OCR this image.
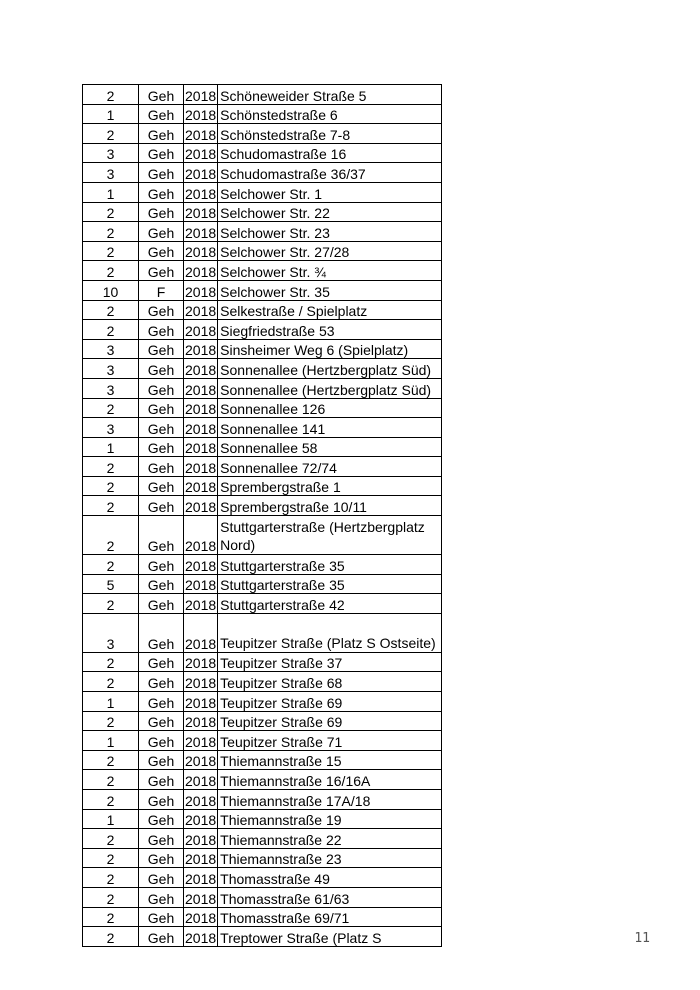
2	Geh	2018	Schöneweider Straße 5
1	Geh	2018	Schönstedstraße 6
2	Geh	2018	Schönstedstraße 7-8
3	Geh	2018	Schudomastraße 16
3	Geh	2018	Schudomastraße 36/37
1	Geh	2018	Selchower Str. 1
2	Geh	2018	Selchower Str. 22
2	Geh	2018	Selchower Str. 23
2	Geh	2018	Selchower Str. 27/28
2	Geh	2018	Selchower Str. ¾
10	F	2018	Selchower Str. 35
2	Geh	2018	Selkestraße / Spielplatz
2	Geh	2018	Siegfriedstraße 53
3	Geh	2018	Sinsheimer Weg 6 (Spielplatz)
3	Geh	2018	Sonnenallee (Hertzbergplatz Süd)
3	Geh	2018	Sonnenallee (Hertzbergplatz Süd)
2	Geh	2018	Sonnenallee 126
3	Geh	2018	Sonnenallee 141
1	Geh	2018	Sonnenallee 58
2	Geh	2018	Sonnenallee 72/74
2	Geh	2018	Sprembergstraße 1
2	Geh	2018	Sprembergstraße 10/11
2	Geh	2018	Stuttgarterstraße (Hertzbergplatz Nord)
2	Geh	2018	Stuttgarterstraße 35
5	Geh	2018	Stuttgarterstraße 35
2	Geh	2018	Stuttgarterstraße 42
3	Geh	2018	Teupitzer Straße (Platz S Ostseite)
2	Geh	2018	Teupitzer Straße 37
2	Geh	2018	Teupitzer Straße 68
1	Geh	2018	Teupitzer Straße 69
2	Geh	2018	Teupitzer Straße 69
1	Geh	2018	Teupitzer Straße 71
2	Geh	2018	Thiemannstraße 15
2	Geh	2018	Thiemannstraße 16/16A
2	Geh	2018	Thiemannstraße 17A/18
1	Geh	2018	Thiemannstraße 19
2	Geh	2018	Thiemannstraße 22
2	Geh	2018	Thiemannstraße 23
2	Geh	2018	Thomasstraße 49
2	Geh	2018	Thomasstraße 61/63
2	Geh	2018	Thomasstraße 69/71
2	Geh	2018	Treptower Straße (Platz S	11
